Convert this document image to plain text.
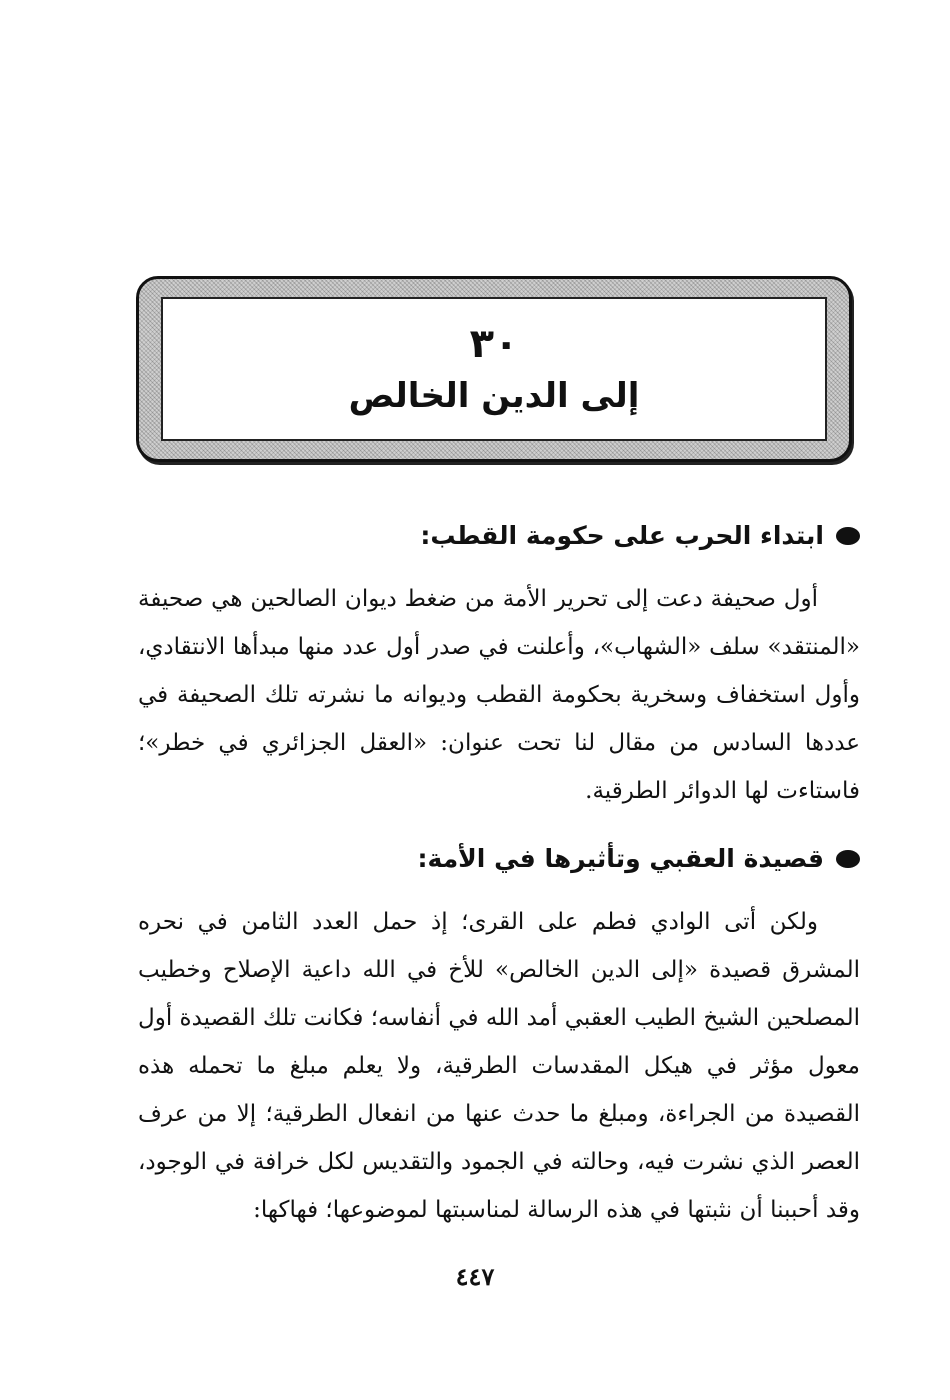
٣٠
إلى الدين الخالص
ابتداء الحرب على حكومة القطب:

أول صحيفة دعت إلى تحرير الأمة من ضغط ديوان الصالحين هي صحيفة «المنتقد» سلف «الشهاب»، وأعلنت في صدر أول عدد منها مبدأها الانتقادي، وأول استخفاف وسخرية بحكومة القطب وديوانه ما نشرته تلك الصحيفة في عددها السادس من مقال لنا تحت عنوان: «العقل الجزائري في خطر»؛ فاستاءت لها الدوائر الطرقية.

قصيدة العقبي وتأثيرها في الأمة:

ولكن أتى الوادي فطم على القرى؛ إذ حمل العدد الثامن في نحره المشرق قصيدة «إلى الدين الخالص» للأخ في الله داعية الإصلاح وخطيب المصلحين الشيخ الطيب العقبي أمد الله في أنفاسه؛ فكانت تلك القصيدة أول معول مؤثر في هيكل المقدسات الطرقية، ولا يعلم مبلغ ما تحمله هذه القصيدة من الجراءة، ومبلغ ما حدث عنها من انفعال الطرقية؛ إلا من عرف العصر الذي نشرت فيه، وحالته في الجمود والتقديس لكل خرافة في الوجود، وقد أحببنا أن نثبتها في هذه الرسالة لمناسبتها لموضوعها؛ فهاكها:

٤٤٧
